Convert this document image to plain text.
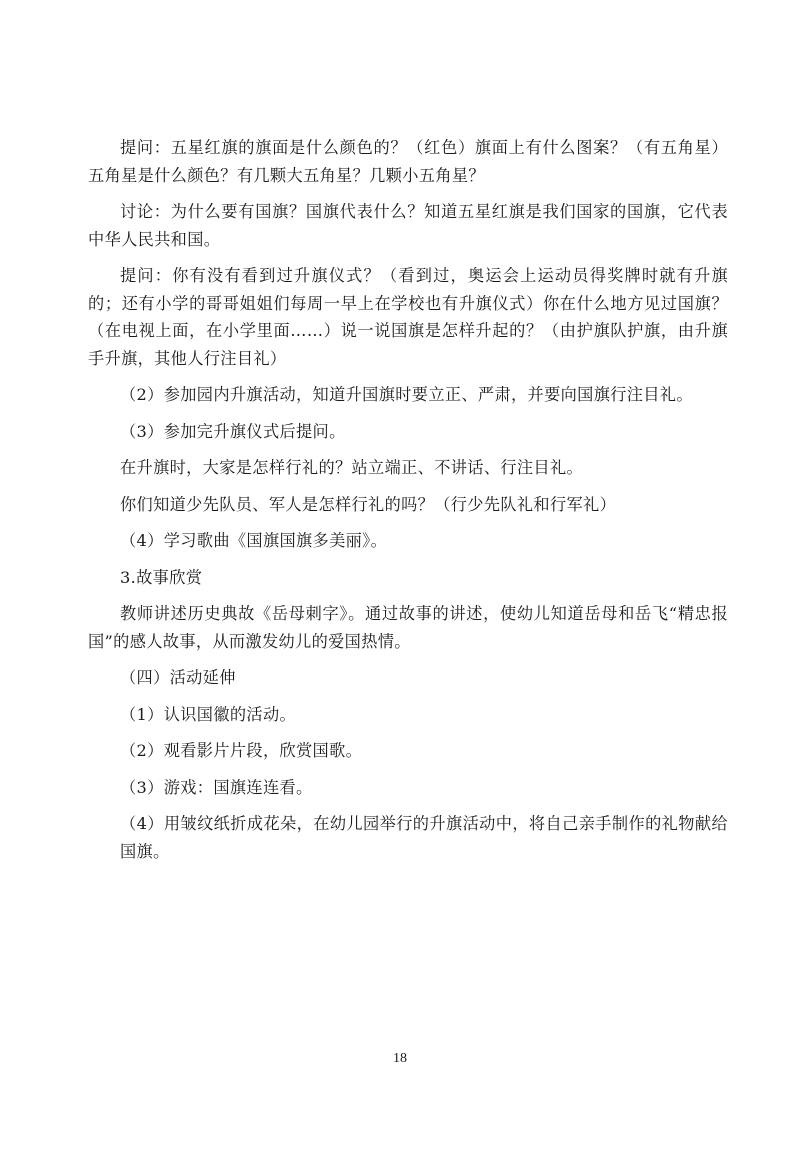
提问：五星红旗的旗面是什么颜色的？（红色）旗面上有什么图案？（有五角星）五角星是什么颜色？有几颗大五角星？几颗小五角星？

讨论：为什么要有国旗？国旗代表什么？知道五星红旗是我们国家的国旗，它代表中华人民共和国。

提问：你有没有看到过升旗仪式？（看到过，奥运会上运动员得奖牌时就有升旗的；还有小学的哥哥姐姐们每周一早上在学校也有升旗仪式）你在什么地方见过国旗？（在电视上面，在小学里面……）说一说国旗是怎样升起的？（由护旗队护旗，由升旗手升旗，其他人行注目礼）

（2）参加园内升旗活动，知道升国旗时要立正、严肃，并要向国旗行注目礼。

（3）参加完升旗仪式后提问。

在升旗时，大家是怎样行礼的？站立端正、不讲话、行注目礼。

你们知道少先队员、军人是怎样行礼的吗？（行少先队礼和行军礼）

（4）学习歌曲《国旗国旗多美丽》。

3.故事欣赏

教师讲述历史典故《岳母刺字》。通过故事的讲述，使幼儿知道岳母和岳飞“精忠报国”的感人故事，从而激发幼儿的爱国热情。

（四）活动延伸

（1）认识国徽的活动。

（2）观看影片片段，欣赏国歌。

（3）游戏：国旗连连看。

（4）用皱纹纸折成花朵，在幼儿园举行的升旗活动中，将自己亲手制作的礼物献给国旗。

18
